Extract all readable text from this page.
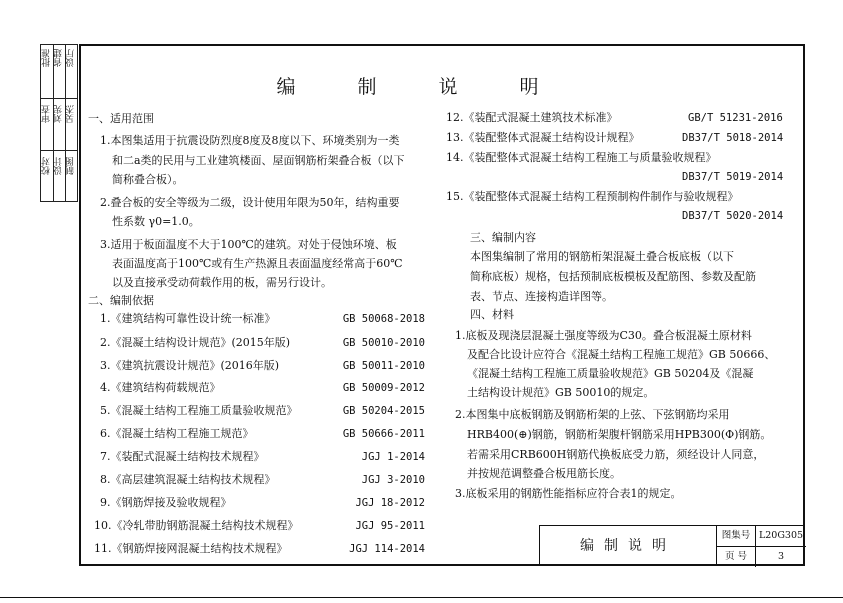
批准 省建 设厅
审查 刘宪 吴杰
校对 设计 制图
编 制 说 明
一、适用范围
1.本图集适用于抗震设防烈度8度及8度以下、环境类别为一类
和二a类的民用与工业建筑楼面、屋面钢筋桁架叠合板（以下
简称叠合板）。
2.叠合板的安全等级为二级，设计使用年限为50年，结构重要
性系数 γ0=1.0。
3.适用于板面温度不大于100℃的建筑。对处于侵蚀环境、板
表面温度高于100℃或有生产热源且表面温度经常高于60℃
以及直接承受动荷载作用的板，需另行设计。
二、编制依据
1.《建筑结构可靠性设计统一标准》	GB 50068-2018
2.《混凝土结构设计规范》(2015年版)	GB 50010-2010
3.《建筑抗震设计规范》(2016年版)	GB 50011-2010
4.《建筑结构荷载规范》	GB 50009-2012
5.《混凝土结构工程施工质量验收规范》	GB 50204-2015
6.《混凝土结构工程施工规范》	GB 50666-2011
7.《装配式混凝土结构技术规程》	JGJ 1-2014
8.《高层建筑混凝土结构技术规程》	JGJ 3-2010
9.《钢筋焊接及验收规程》	JGJ 18-2012
10.《冷轧带肋钢筋混凝土结构技术规程》	JGJ 95-2011
11.《钢筋焊接网混凝土结构技术规程》	JGJ 114-2014
12.《装配式混凝土建筑技术标准》	GB/T 51231-2016
13.《装配整体式混凝土结构设计规程》	DB37/T 5018-2014
14.《装配整体式混凝土结构工程施工与质量验收规程》
DB37/T 5019-2014
15.《装配整体式混凝土结构工程预制构件制作与验收规程》
DB37/T 5020-2014
三、编制内容
本图集编制了常用的钢筋桁架混凝土叠合板底板（以下
简称底板）规格，包括预制底板模板及配筋图、参数及配筋
表、节点、连接构造详图等。
四、材料
1.底板及现浇层混凝土强度等级为C30。叠合板混凝土原材料
及配合比设计应符合《混凝土结构工程施工规范》GB 50666、
《混凝土结构工程施工质量验收规范》GB 50204及《混凝
土结构设计规范》GB 50010的规定。
2.本图集中底板钢筋及钢筋桁架的上弦、下弦钢筋均采用
HRB400(⊕)钢筋，钢筋桁架腹杆钢筋采用HPB300(Φ)钢筋。
若需采用CRB600H钢筋代换板底受力筋，须经设计人同意，
并按规范调整叠合板甩筋长度。
3.底板采用的钢筋性能指标应符合表1的规定。
编制说明
图集号 L20G305
页 号	3
